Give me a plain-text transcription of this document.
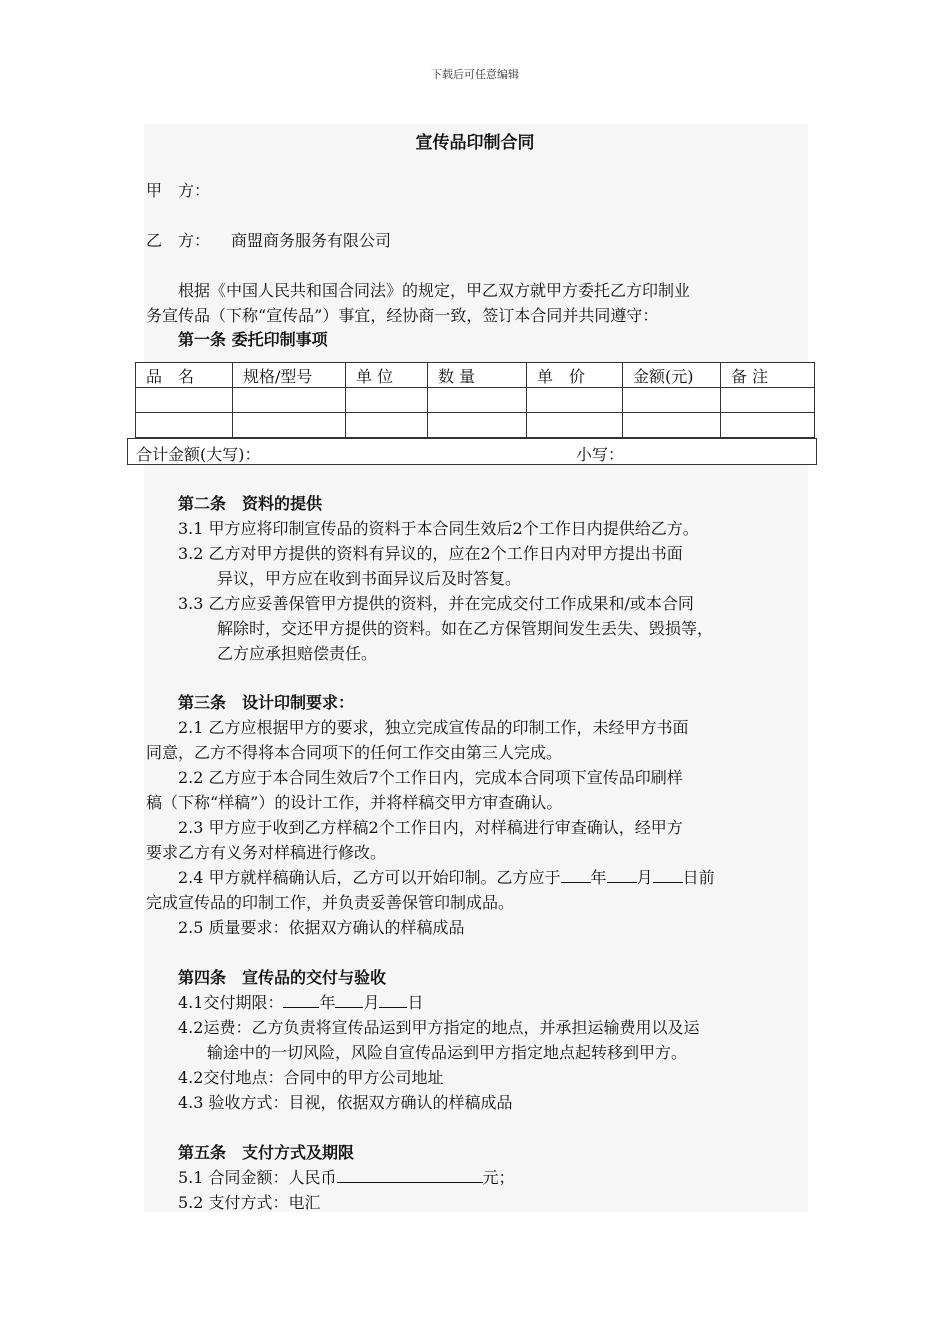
下载后可任意编辑
宣传品印制合同
甲　方：
乙　方： 商盟商务服务有限公司
根据《中国人民共和国合同法》的规定，甲乙双方就甲方委托乙方印制业
务宣传品（下称“宣传品”）事宜，经协商一致，签订本合同并共同遵守：
第一条 委托印制事项
品　名	规格/型号	单 位	数 量	单　价	金额(元)	备 注

合计金额(大写)：	小写：
第二条　资料的提供
3.1 甲方应将印制宣传品的资料于本合同生效后2个工作日内提供给乙方。
3.2 乙方对甲方提供的资料有异议的，应在2个工作日内对甲方提出书面
异议，甲方应在收到书面异议后及时答复。
3.3 乙方应妥善保管甲方提供的资料，并在完成交付工作成果和/或本合同
解除时，交还甲方提供的资料。如在乙方保管期间发生丢失、毁损等，
乙方应承担赔偿责任。
第三条　设计印制要求：
2.1 乙方应根据甲方的要求，独立完成宣传品的印制工作，未经甲方书面
同意，乙方不得将本合同项下的任何工作交由第三人完成。
2.2 乙方应于本合同生效后7个工作日内，完成本合同项下宣传品印刷样
稿（下称“样稿”）的设计工作，并将样稿交甲方审查确认。
2.3 甲方应于收到乙方样稿2个工作日内，对样稿进行审查确认，经甲方
要求乙方有义务对样稿进行修改。
2.4 甲方就样稿确认后，乙方可以开始印制。乙方应于 年 月 日前
完成宣传品的印制工作，并负责妥善保管印制成品。
2.5 质量要求：依据双方确认的样稿成品
第四条　宣传品的交付与验收
4.1交付期限： 年 月 日
4.2运费：乙方负责将宣传品运到甲方指定的地点，并承担运输费用以及运
输途中的一切风险，风险自宣传品运到甲方指定地点起转移到甲方。
4.2交付地点：合同中的甲方公司地址
4.3 验收方式：目视，依据双方确认的样稿成品
第五条　支付方式及期限
5.1 合同金额：人民币	元；
5.2 支付方式：电汇
